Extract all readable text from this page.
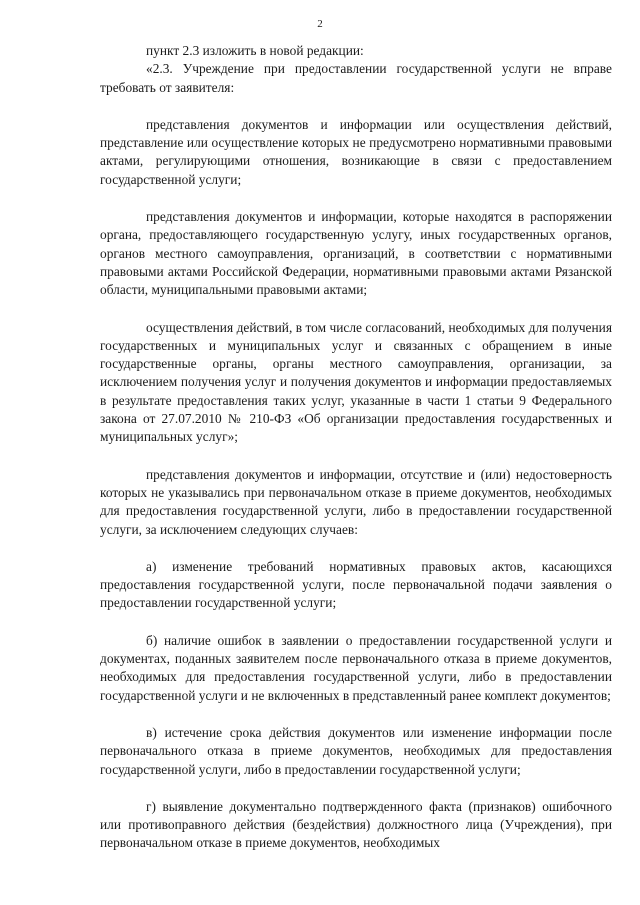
2

пункт 2.3 изложить в новой редакции:

«2.3. Учреждение при предоставлении государственной услуги не вправе требовать от заявителя:

представления документов и информации или осуществления действий, представление или осуществление которых не предусмотрено нормативными правовыми актами, регулирующими отношения, возникающие в связи с предоставлением государственной услуги;

представления документов и информации, которые находятся в распоряжении органа, предоставляющего государственную услугу, иных государственных органов, органов местного самоуправления, организаций, в соответствии с нормативными правовыми актами Российской Федерации, нормативными правовыми актами Рязанской области, муниципальными правовыми актами;

осуществления действий, в том числе согласований, необходимых для получения государственных и муниципальных услуг и связанных с обращением в иные государственные органы, органы местного самоуправления, организации, за исключением получения услуг и получения документов и информации предоставляемых в результате предоставления таких услуг, указанные в части 1 статьи 9 Федерального закона от 27.07.2010 № 210-ФЗ «Об организации предоставления государственных и муниципальных услуг»;

представления документов и информации, отсутствие и (или) недостоверность которых не указывались при первоначальном отказе в приеме документов, необходимых для предоставления государственной услуги, либо в предоставлении государственной услуги, за исключением следующих случаев:

а) изменение требований нормативных правовых актов, касающихся предоставления государственной услуги, после первоначальной подачи заявления о предоставлении государственной услуги;

б) наличие ошибок в заявлении о предоставлении государственной услуги и документах, поданных заявителем после первоначального отказа в приеме документов, необходимых для предоставления государственной услуги, либо в предоставлении государственной услуги и не включенных в представленный ранее комплект документов;

в) истечение срока действия документов или изменение информации после первоначального отказа в приеме документов, необходимых для предоставления государственной услуги, либо в предоставлении государственной услуги;

г) выявление документально подтвержденного факта (признаков) ошибочного или противоправного действия (бездействия) должностного лица (Учреждения), при первоначальном отказе в приеме документов, необходимых
